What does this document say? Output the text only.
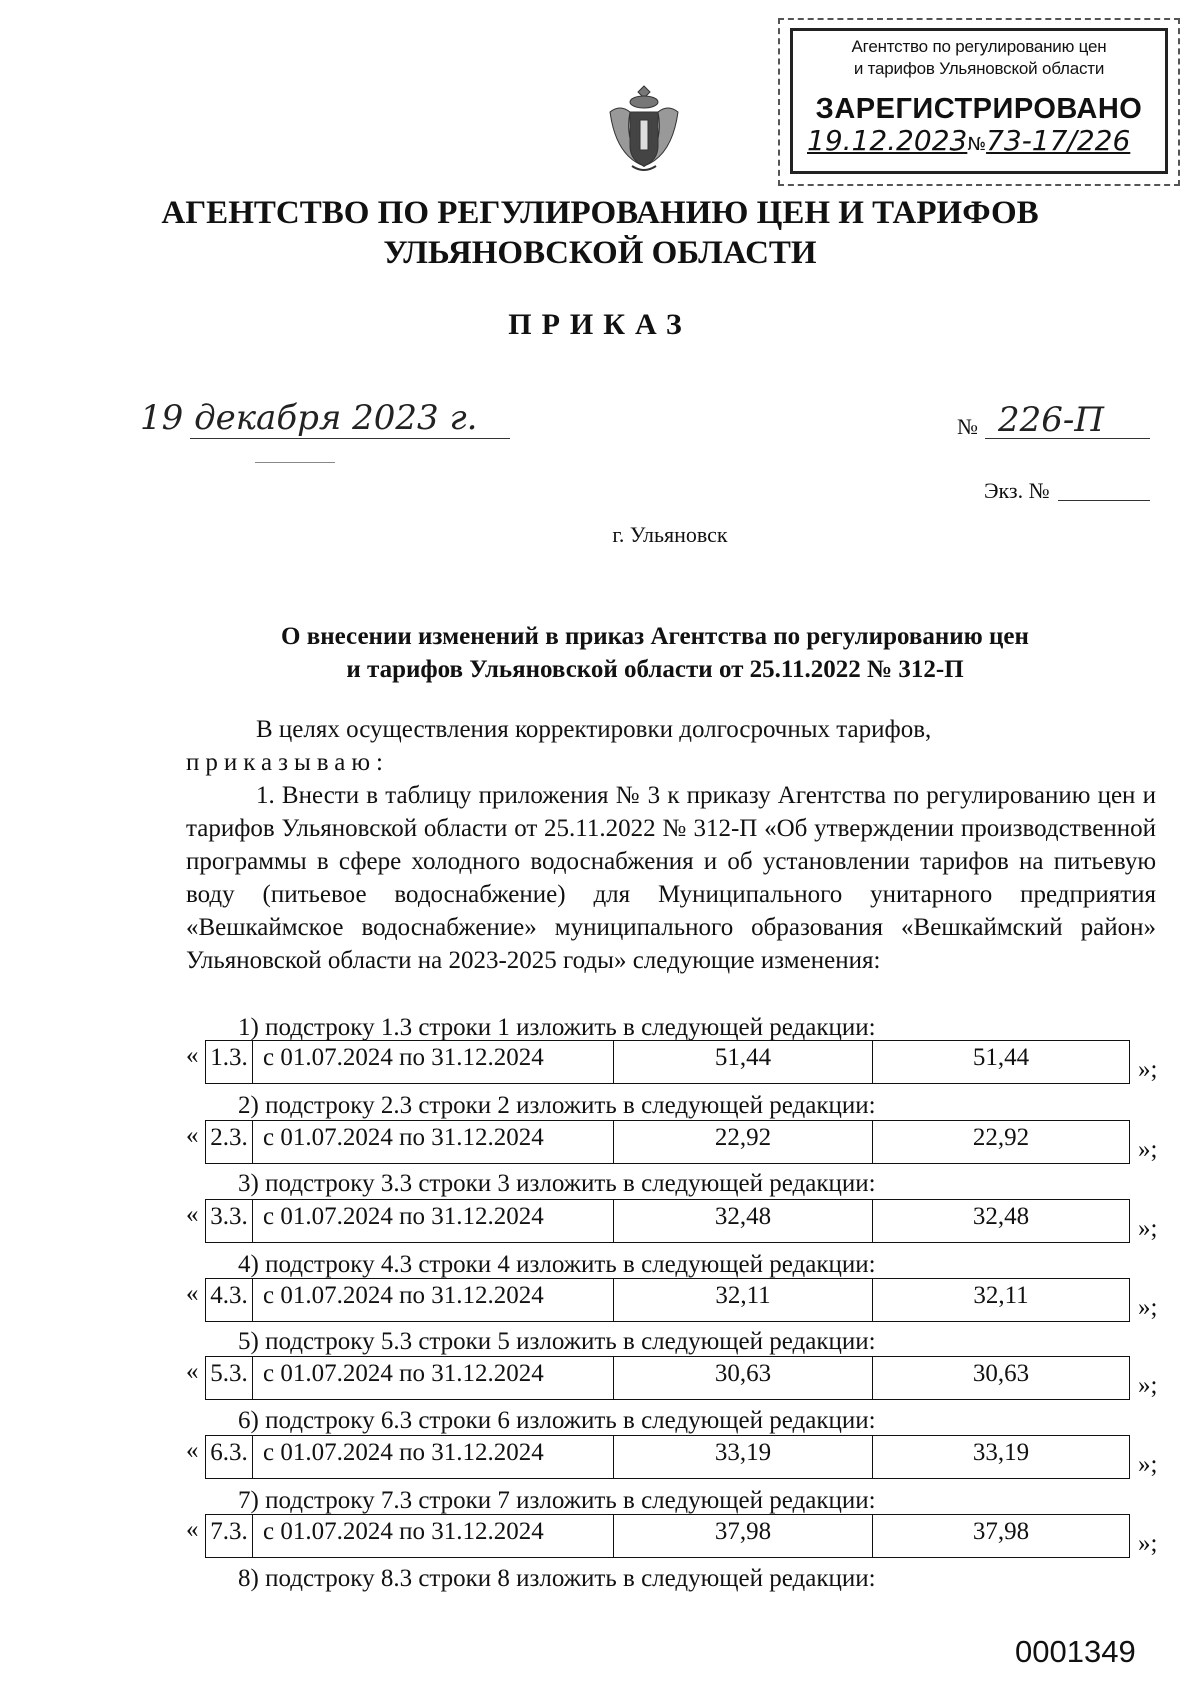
Агентство по регулированию цен
и тарифов Ульяновской области
ЗАРЕГИСТРИРОВАНО
19.12.2023№73-17/226
АГЕНТСТВО ПО РЕГУЛИРОВАНИЮ ЦЕН И ТАРИФОВ
УЛЬЯНОВСКОЙ ОБЛАСТИ
ПРИКАЗ
19 декабря 2023 г.	№ 226-П
Экз. №
г. Ульяновск
О внесении изменений в приказ Агентства по регулированию цен
и тарифов Ульяновской области от 25.11.2022 № 312-П
В целях осуществления корректировки долгосрочных тарифов,
приказываю:
1. Внести в таблицу приложения № 3 к приказу Агентства по регулированию цен и тарифов Ульяновской области от 25.11.2022 № 312-П «Об утверждении производственной программы в сфере холодного водоснабжения и об установлении тарифов на питьевую воду (питьевое водоснабжение) для Муниципального унитарного предприятия «Вешкаймское водоснабжение» муниципального образования «Вешкаймский район» Ульяновской области на 2023-2025 годы» следующие изменения:
1) подстроку 1.3 строки 1 изложить в следующей редакции:
« 1.3.	с 01.07.2024 по 31.12.2024	51,44	51,44	»;
2) подстроку 2.3 строки 2 изложить в следующей редакции:
« 2.3.	с 01.07.2024 по 31.12.2024	22,92	22,92	»;
3) подстроку 3.3 строки 3 изложить в следующей редакции:
« 3.3.	с 01.07.2024 по 31.12.2024	32,48	32,48	»;
4) подстроку 4.3 строки 4 изложить в следующей редакции:
« 4.3.	с 01.07.2024 по 31.12.2024	32,11	32,11	»;
5) подстроку 5.3 строки 5 изложить в следующей редакции:
« 5.3.	с 01.07.2024 по 31.12.2024	30,63	30,63	»;
6) подстроку 6.3 строки 6 изложить в следующей редакции:
« 6.3.	с 01.07.2024 по 31.12.2024	33,19	33,19	»;
7) подстроку 7.3 строки 7 изложить в следующей редакции:
« 7.3.	с 01.07.2024 по 31.12.2024	37,98	37,98	»;
8) подстроку 8.3 строки 8 изложить в следующей редакции:
0001349
